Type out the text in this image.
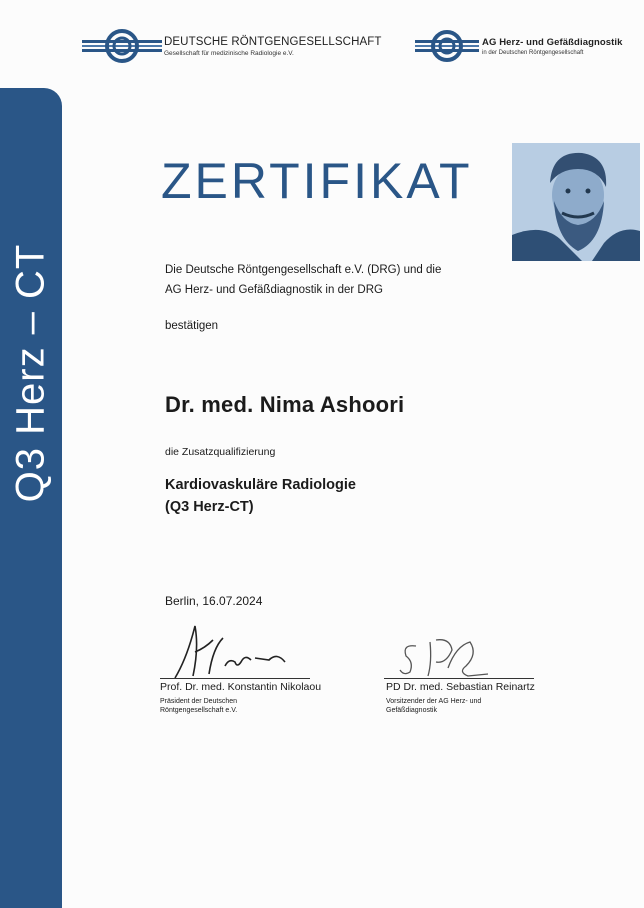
DEUTSCHE RÖNTGENGESELLSCHAFT
Gesellschaft für medizinische Radiologie e.V.
AG Herz- und Gefäßdiagnostik
in der Deutschen Röntgengesellschaft
Q3 Herz – CT
ZERTIFIKAT
Die Deutsche Röntgengesellschaft e.V. (DRG) und die
AG Herz- und Gefäßdiagnostik in der DRG
bestätigen
Dr. med. Nima Ashoori
die Zusatzqualifizierung
Kardiovaskuläre Radiologie
(Q3 Herz-CT)
Berlin, 16.07.2024
Prof. Dr. med. Konstantin Nikolaou
Präsident der Deutschen
Röntgengesellschaft e.V.
PD Dr. med. Sebastian Reinartz
Vorsitzender der AG Herz- und
Gefäßdiagnostik
